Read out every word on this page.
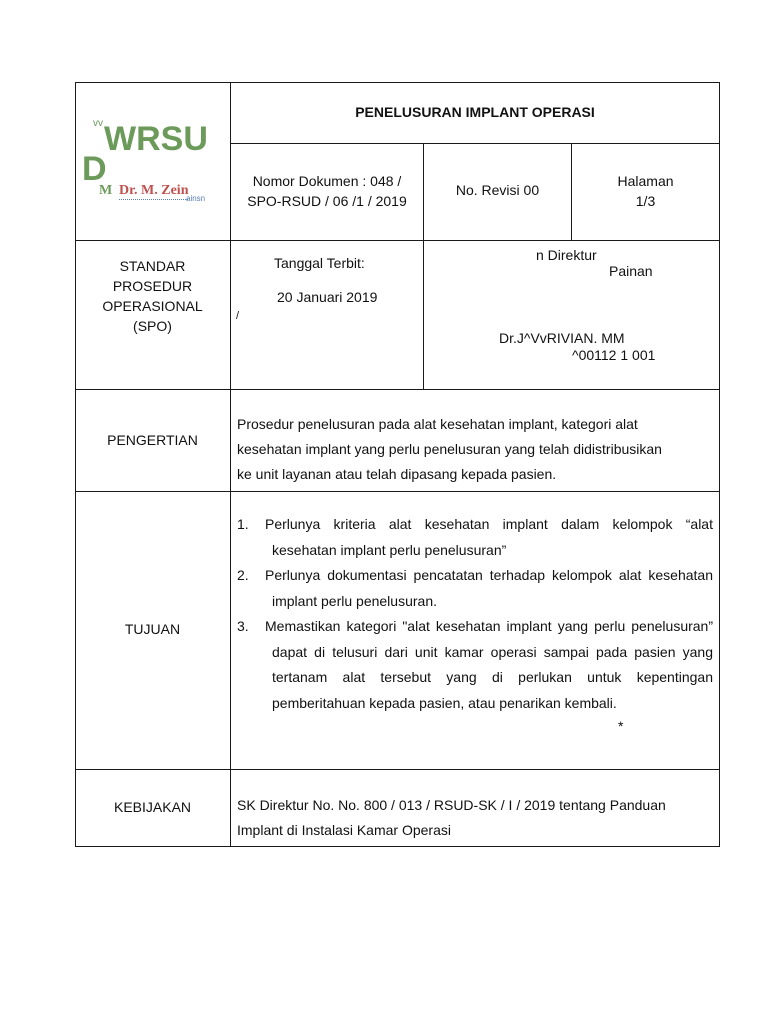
vv WRSU
D
M Dr. M. Zein
ainsn
PENELUSURAN IMPLANT OPERASI
Nomor Dokumen : 048 /
SPO-RSUD / 06 /1 / 2019
No. Revisi 00
Halaman
1/3
STANDAR
PROSEDUR
OPERASIONAL
(SPO)
Tanggal Terbit:
20 Januari 2019
/
n Direktur
Painan
Dr.J^VvRIVIAN. MM
^00112 1 001
PENGERTIAN
Prosedur penelusuran pada alat kesehatan implant, kategori alat
kesehatan implant yang perlu penelusuran yang telah didistribusikan
ke unit layanan atau telah dipasang kepada pasien.
TUJUAN
1. Perlunya kriteria alat kesehatan implant dalam kelompok “alat kesehatan implant perlu penelusuran”
2. Perlunya dokumentasi pencatatan terhadap kelompok alat kesehatan implant perlu penelusuran.
3. Memastikan kategori "alat kesehatan implant yang perlu penelusuran” dapat di telusuri dari unit kamar operasi sampai pada pasien yang tertanam alat tersebut yang di perlukan untuk kepentingan pemberitahuan kepada pasien, atau penarikan kembali.
*
KEBIJAKAN	SK Direktur No. No. 800 / 013 / RSUD-SK / I / 2019 tentang Panduan
Implant di Instalasi Kamar Operasi
